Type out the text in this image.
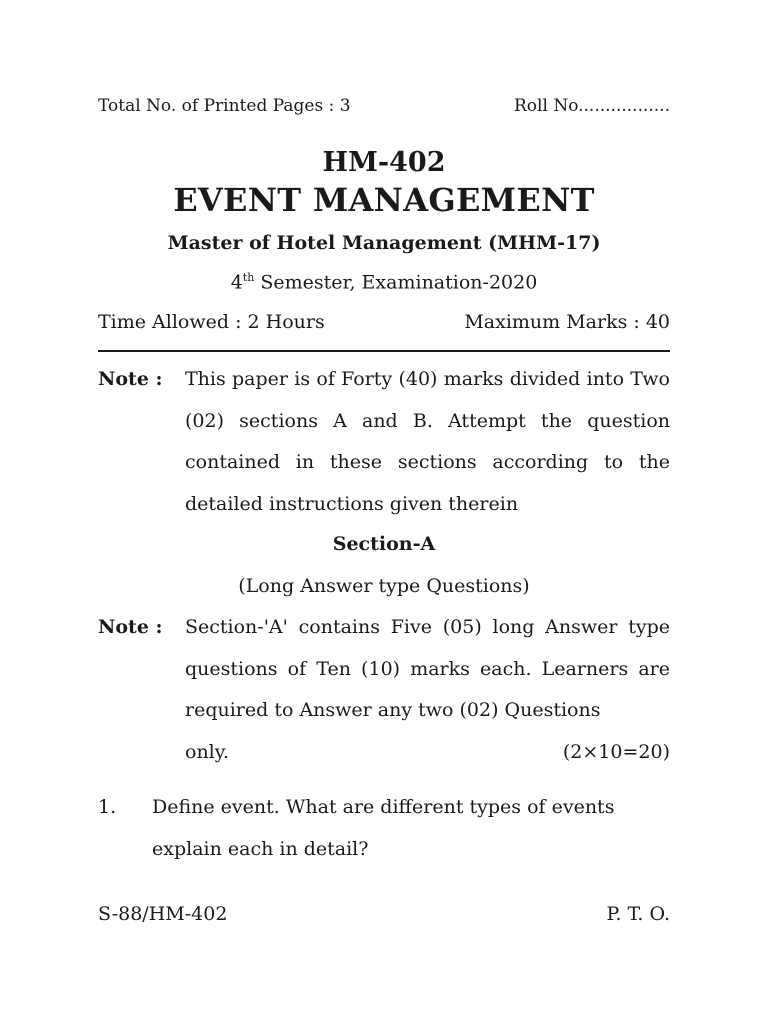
Total No. of Printed Pages : 3	Roll No.................
HM-402
EVENT MANAGEMENT
Master of Hotel Management (MHM-17)
4th Semester, Examination-2020
Time Allowed : 2 Hours	Maximum Marks : 40
Note :	This paper is of Forty (40) marks divided into Two (02) sections A and B. Attempt the question contained in these sections according to the detailed instructions given therein
Section-A
(Long Answer type Questions)
Note :	Section-'A' contains Five (05) long Answer type questions of Ten (10) marks each. Learners are required to Answer any two (02) Questions
only.	(2×10=20)
1.	Define event. What are different types of events explain each in detail?
S-88/HM-402	P. T. O.
